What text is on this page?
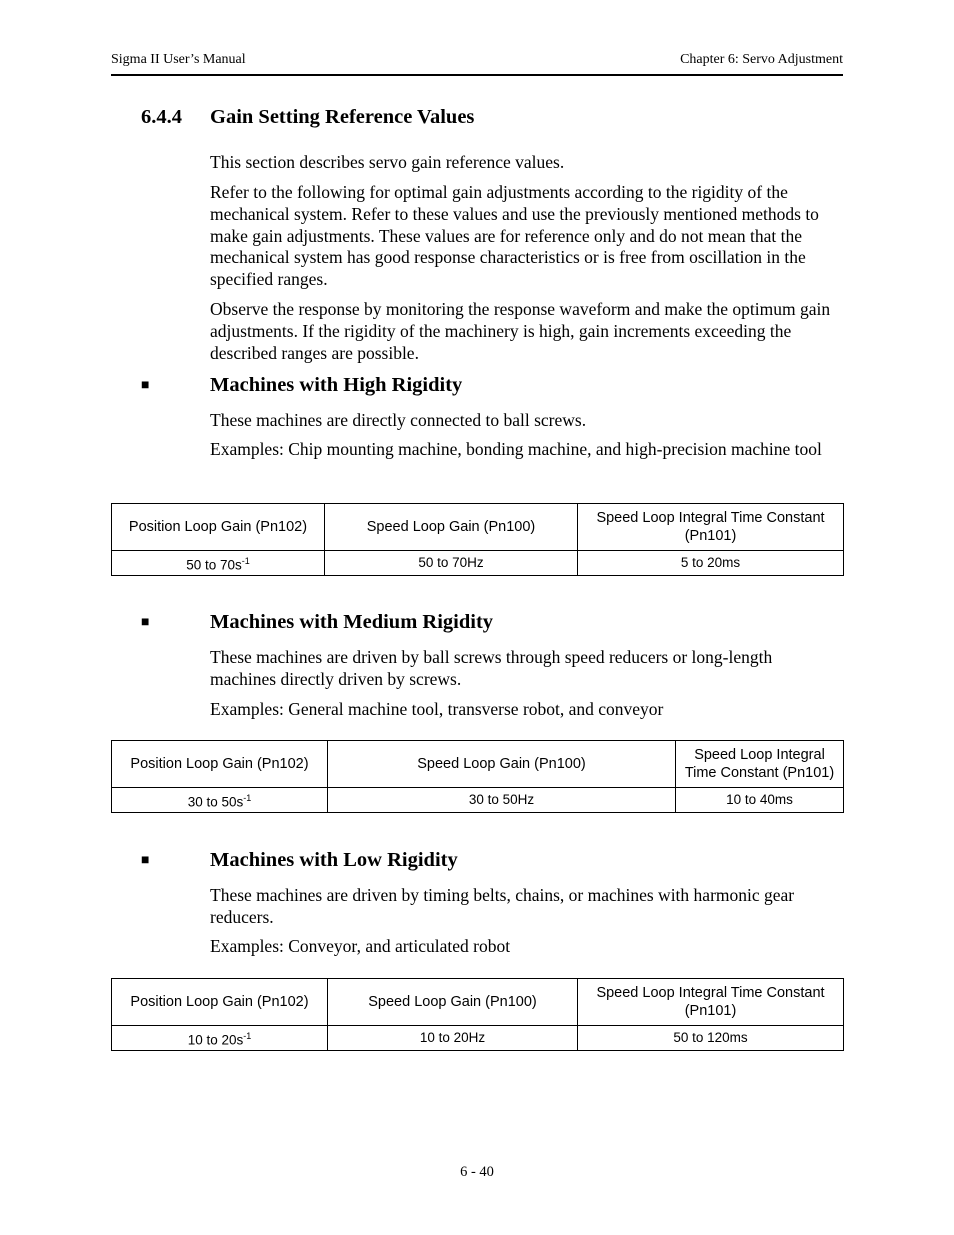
Sigma II User’s Manual	Chapter 6: Servo Adjustment
6.4.4 Gain Setting Reference Values
This section describes servo gain reference values.
Refer to the following for optimal gain adjustments according to the rigidity of the mechanical system. Refer to these values and use the previously mentioned methods to make gain adjustments. These values are for reference only and do not mean that the mechanical system has good response characteristics or is free from oscillation in the specified ranges.
Observe the response by monitoring the response waveform and make the optimum gain adjustments. If the rigidity of the machinery is high, gain increments exceeding the described ranges are possible.
■	Machines with High Rigidity
These machines are directly connected to ball screws.
Examples: Chip mounting machine, bonding machine, and high-precision machine tool
Position Loop Gain (Pn102)	Speed Loop Gain (Pn100)	Speed Loop Integral Time Constant (Pn101)
50 to $70s^{-1}$	50 to 70Hz	5 to 20ms
■	Machines with Medium Rigidity
These machines are driven by ball screws through speed reducers or long-length machines directly driven by screws.
Examples: General machine tool, transverse robot, and conveyor
Position Loop Gain (Pn102)	Speed Loop Gain (Pn100)	Speed Loop Integral Time Constant (Pn101)
30 to $50s^{-1}$	30 to 50Hz	10 to 40ms
■	Machines with Low Rigidity
These machines are driven by timing belts, chains, or machines with harmonic gear reducers.
Examples: Conveyor, and articulated robot
Position Loop Gain (Pn102)	Speed Loop Gain (Pn100)	Speed Loop Integral Time Constant (Pn101)
10 to $20s^{-1}$	10 to 20Hz	50 to 120ms
6 - 40
